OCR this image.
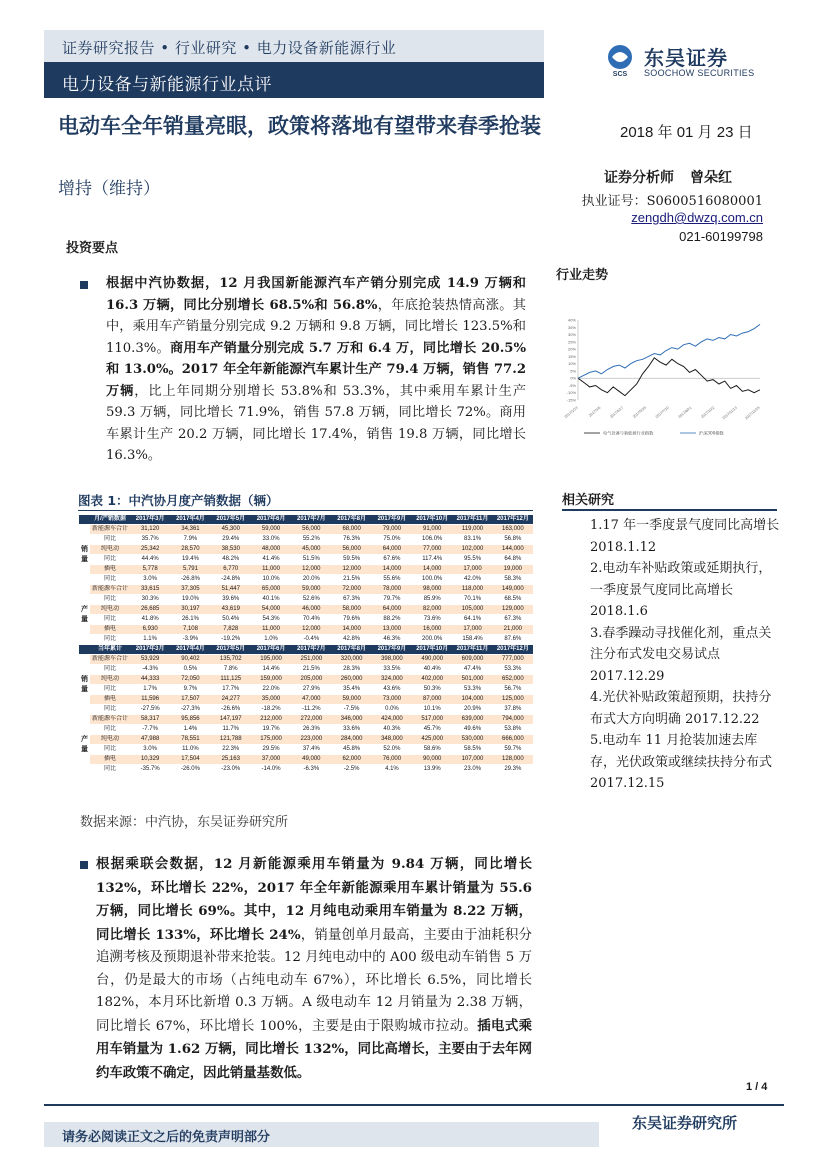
证券研究报告 • 行业研究 • 电力设备新能源行业
电力设备与新能源行业点评
SCS
东吴证券
SOOCHOW SECURITIES
电动车全年销量亮眼，政策将落地有望带来春季抢装
增持（维持）
2018 年 01 月 23 日
证券分析师 曾朵红
执业证号：S0600516080001
zengdh@dwzq.com.cn
021-60199798
投资要点
根据中汽协数据，12 月我国新能源汽车产销分别完成 14.9 万辆和 16.3 万辆，同比分别增长 68.5%和 56.8%，年底抢装热情高涨。其中，乘用车产销量分别完成 9.2 万辆和 9.8 万辆，同比增长 123.5%和 110.3%。商用车产销量分别完成 5.7 万和 6.4 万，同比增长 20.5%和 13.0%。2017 年全年新能源汽车累计生产 79.4 万辆，销售 77.2 万辆，比上年同期分别增长 53.8%和 53.3%，其中乘用车累计生产 59.3 万辆，同比增长 71.9%，销售 57.8 万辆，同比增长 72%。商用车累计生产 20.2 万辆，同比增长 17.4%，销售 19.8 万辆，同比增长 16.3%。
行业走势
40%
35%
30%
25%
20%
15%
10%
5%
0%
-5%
-10%
-15%
2017/1/23	2017/3/6 2017/4/17 2017/5/29 2017/7/10 2017/8/21 2017/10/2 2017/11/13 2017/12/25
电气设备与新能源行业指数	沪深300指数
相关研究
1.17 年一季度景气度同比高增长 2018.1.12
2.电动车补贴政策或延期执行，一季度景气度同比高增长 2018.1.6
3.春季躁动寻找催化剂，重点关注分布式发电交易试点 2017.12.29
4.光伏补贴政策超预期，扶持分布式大方向明确 2017.12.22
5.电动车 11 月抢装加速去库存，光伏政策或继续扶持分布式 2017.12.15
图表 1：中汽协月度产销数据（辆）
	月/产销数据	2017年3月	2017年4月	2017年5月	2017年6月	2017年7月	2017年8月	2017年9月	2017年10月	2017年11月	2017年12月
	新能源车合计	31,120	34,361	45,300	59,000	56,000	68,000	79,000	91,000	119,000	163,000
	同比	35.7%	7.9%	29.4%	33.0%	55.2%	76.3%	75.0%	106.0%	83.1%	56.8%
销	纯电动	25,342	28,570	38,530	48,000	45,000	56,000	64,000	77,000	102,000	144,000
量	同比	44.4%	19.4%	48.2%	41.4%	51.5%	59.5%	67.6%	117.4%	95.5%	64.8%
	插电	5,778	5,791	6,770	11,000	12,000	12,000	14,000	14,000	17,000	19,000
	同比	3.0%	-26.8%	-24.8%	10.0%	20.0%	21.5%	55.6%	100.0%	42.0%	58.3%
	新能源车合计	33,615	37,305	51,447	65,000	59,000	72,000	78,000	98,000	118,000	149,000
	同比	30.3%	19.0%	39.6%	40.1%	52.6%	67.3%	79.7%	85.9%	70.1%	68.5%
产	纯电动	26,685	30,197	43,619	54,000	46,000	58,000	64,000	82,000	105,000	129,000
量	同比	41.8%	26.1%	50.4%	54.3%	70.4%	79.6%	88.2%	73.6%	64.1%	67.3%
	插电	6,930	7,108	7,828	11,000	12,000	14,000	13,000	16,000	17,000	21,000
	同比	1.1%	-3.9%	-19.2%	1.0%	-0.4%	42.8%	46.3%	200.0%	158.4%	87.6%
	当年累计	2017年3月	2017年4月	2017年5月	2017年6月	2017年7月	2017年8月	2017年9月	2017年10月	2017年11月	2017年12月
	新能源车合计	53,929	90,402	135,702	195,000	251,000	320,000	398,000	490,000	609,000	777,000
	同比	-4.3%	0.5%	7.8%	14.4%	21.5%	28.3%	33.5%	40.4%	47.4%	53.3%
销	纯电动	44,333	72,050	111,125	159,000	205,000	260,000	324,000	402,000	501,000	652,000
量	同比	1.7%	9.7%	17.7%	22.0%	27.9%	35.4%	43.6%	50.3%	53.3%	56.7%
	插电	11,596	17,507	24,277	35,000	47,000	59,000	73,000	87,000	104,000	125,000
	同比	-27.5%	-27.3%	-26.6%	-18.2%	-11.2%	-7.5%	0.0%	10.1%	20.9%	37.8%
	新能源车合计	58,317	95,856	147,197	212,000	272,000	346,000	424,000	517,000	639,000	794,000
	同比	-7.7%	1.4%	11.7%	19.7%	26.3%	33.6%	40.3%	45.7%	49.6%	53.8%
产	纯电动	47,988	78,551	121,788	175,000	223,000	284,000	348,000	425,000	530,000	666,000
量	同比	3.0%	11.0%	22.3%	29.5%	37.4%	45.8%	52.0%	58.6%	58.5%	59.7%
	插电	10,329	17,504	25,163	37,000	49,000	62,000	76,000	90,000	107,000	128,000
	同比	-35.7%	-26.0%	-23.0%	-14.0%	-6.3%	-2.5%	4.1%	13.9%	23.0%	29.3%
数据来源：中汽协，东吴证券研究所
根据乘联会数据，12 月新能源乘用车销量为 9.84 万辆，同比增长 132%，环比增长 22%，2017 年全年新能源乘用车累计销量为 55.6 万辆，同比增长 69%。其中，12 月纯电动乘用车销量为 8.22 万辆，同比增长 133%，环比增长 24%，销量创单月最高，主要由于油耗积分追溯考核及预期退补带来抢装。12 月纯电动中的 A00 级电动车销售 5 万台，仍是最大的市场（占纯电动车 67%），环比增长 6.5%，同比增长 182%，本月环比新增 0.3 万辆。A 级电动车 12 月销量为 2.38 万辆，同比增长 67%，环比增长 100%，主要是由于限购城市拉动。插电式乘用车销量为 1.62 万辆，同比增长 132%，同比高增长，主要由于去年网约车政策不确定，因此销量基数低。
1 / 4
东吴证券研究所
请务必阅读正文之后的免责声明部分
